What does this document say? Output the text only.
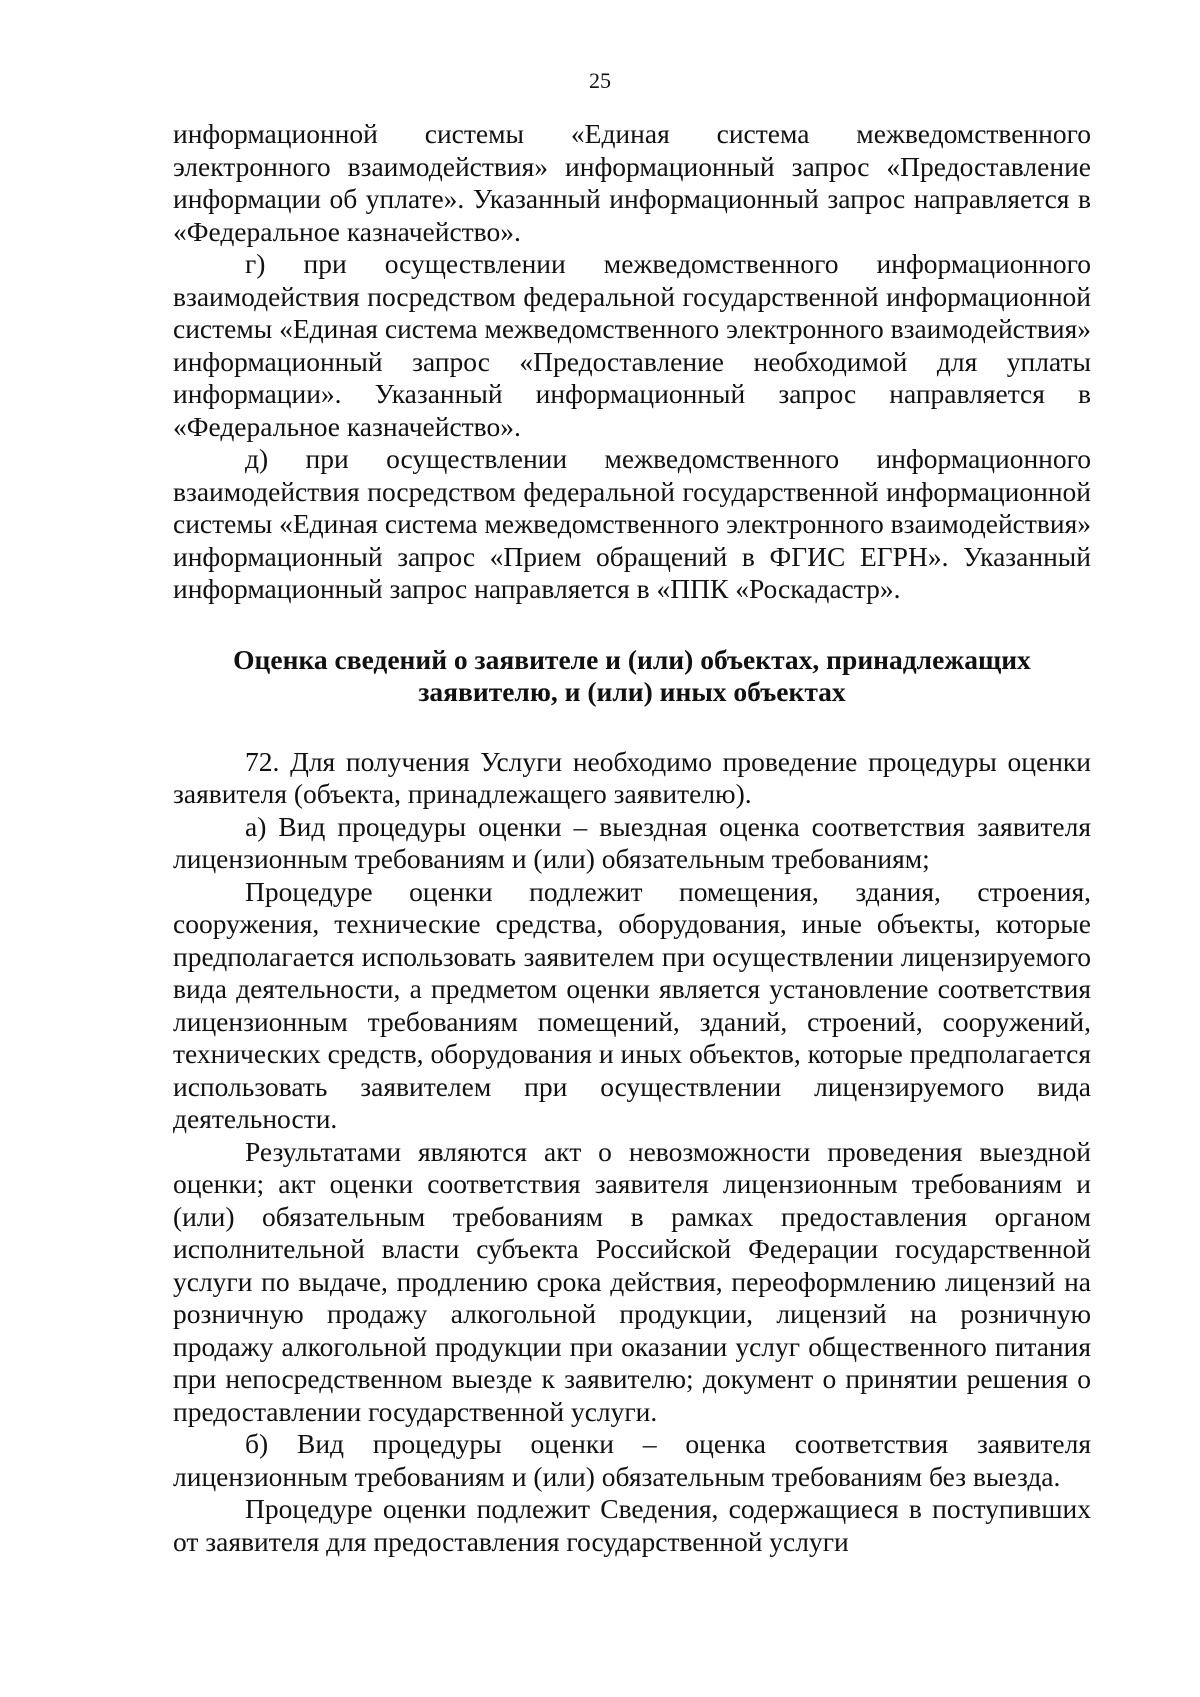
25

информационной системы «Единая система межведомственного электронного взаимодействия» информационный запрос «Предоставление информации об уплате». Указанный информационный запрос направляется в «Федеральное казначейство».

г) при осуществлении межведомственного информационного взаимодействия посредством федеральной государственной информационной системы «Единая система межведомственного электронного взаимодействия» информационный запрос «Предоставление необходимой для уплаты информации». Указанный информационный запрос направляется в «Федеральное казначейство».

д) при осуществлении межведомственного информационного взаимодействия посредством федеральной государственной информационной системы «Единая система межведомственного электронного взаимодействия» информационный запрос «Прием обращений в ФГИС ЕГРН». Указанный информационный запрос направляется в «ППК «Роскадастр».

Оценка сведений о заявителе и (или) объектах, принадлежащих
заявителю, и (или) иных объектах

72. Для получения Услуги необходимо проведение процедуры оценки заявителя (объекта, принадлежащего заявителю).

а) Вид процедуры оценки – выездная оценка соответствия заявителя лицензионным требованиям и (или) обязательным требованиям;

Процедуре оценки подлежит помещения, здания, строения, сооружения, технические средства, оборудования, иные объекты, которые предполагается использовать заявителем при осуществлении лицензируемого вида деятельности, а предметом оценки является установление соответствия лицензионным требованиям помещений, зданий, строений, сооружений, технических средств, оборудования и иных объектов, которые предполагается использовать заявителем при осуществлении лицензируемого вида деятельности.

Результатами являются акт о невозможности проведения выездной оценки; акт оценки соответствия заявителя лицензионным требованиям и (или) обязательным требованиям в рамках предоставления органом исполнительной власти субъекта Российской Федерации государственной услуги по выдаче, продлению срока действия, переоформлению лицензий на розничную продажу алкогольной продукции, лицензий на розничную продажу алкогольной продукции при оказании услуг общественного питания при непосредственном выезде к заявителю; документ о принятии решения о предоставлении государственной услуги.

б) Вид процедуры оценки – оценка соответствия заявителя лицензионным требованиям и (или) обязательным требованиям без выезда.

Процедуре оценки подлежит Сведения, содержащиеся в поступивших от заявителя для предоставления государственной услуги
